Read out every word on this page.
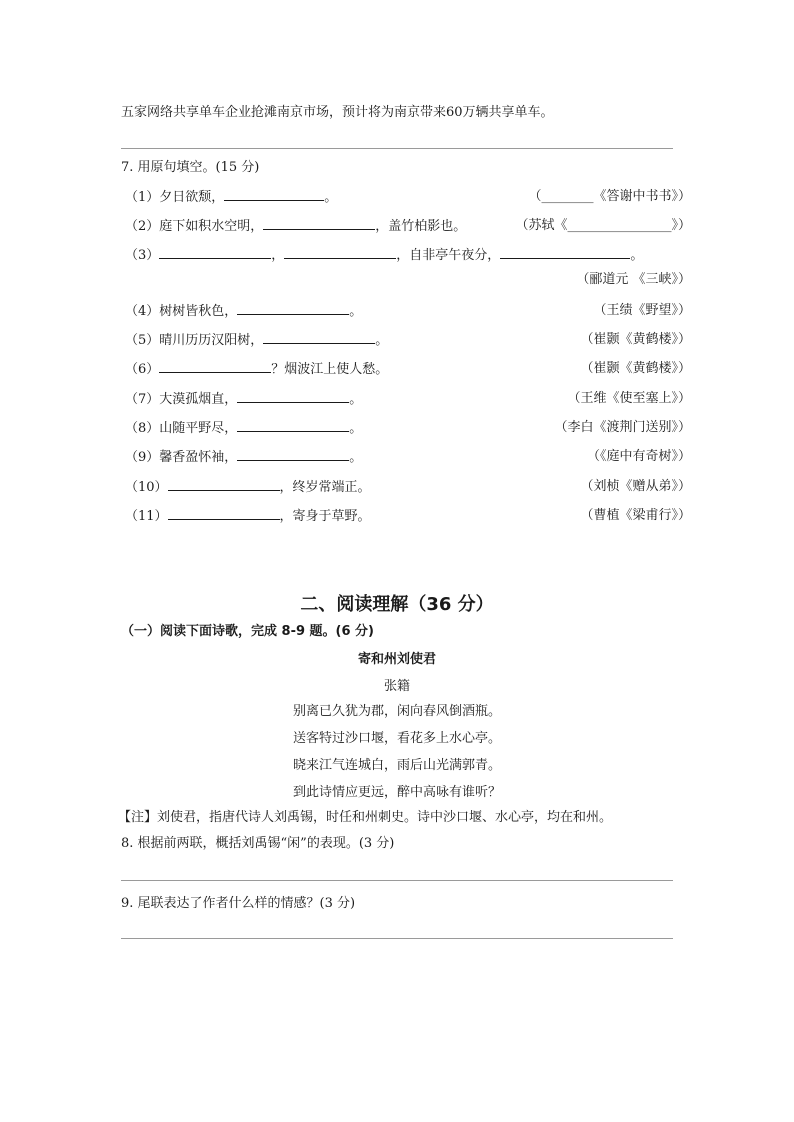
五家网络共享单车企业抢滩南京市场，预计将为南京带来60万辆共享单车。
7. 用原句填空。(15 分)
（1）夕日欲颓，	。	（________《答谢中书书》）
（2）庭下如积水空明，	，盖竹柏影也。	（苏轼《________________》）
（3）	，	，自非亭午夜分，	。
（郦道元 《三峡》）
（4）树树皆秋色，	。	（王绩《野望》）
（5）晴川历历汉阳树，	。	（崔颢《黄鹤楼》）
（6）	？烟波江上使人愁。	（崔颢《黄鹤楼》）
（7）大漠孤烟直，	。	（王维《使至塞上》）
（8）山随平野尽，	。	（李白《渡荆门送别》）
（9）馨香盈怀袖，	。	（《庭中有奇树》）
（10）	，终岁常端正。	（刘桢《赠从弟》）
（11）	，寄身于草野。	（曹植《梁甫行》）
二、阅读理解（36 分）
（一）阅读下面诗歌，完成 8-9 题。(6 分)
寄和州刘使君
张籍
别离已久犹为郡，闲向春风倒酒瓶。
送客特过沙口堰，看花多上水心亭。
晓来江气连城白，雨后山光满郭青。
到此诗情应更远，醉中高咏有谁听？
【注】刘使君，指唐代诗人刘禹锡，时任和州刺史。诗中沙口堰、水心亭，均在和州。
8. 根据前两联，概括刘禹锡“闲”的表现。(3 分)
9. 尾联表达了作者什么样的情感？(3 分)
